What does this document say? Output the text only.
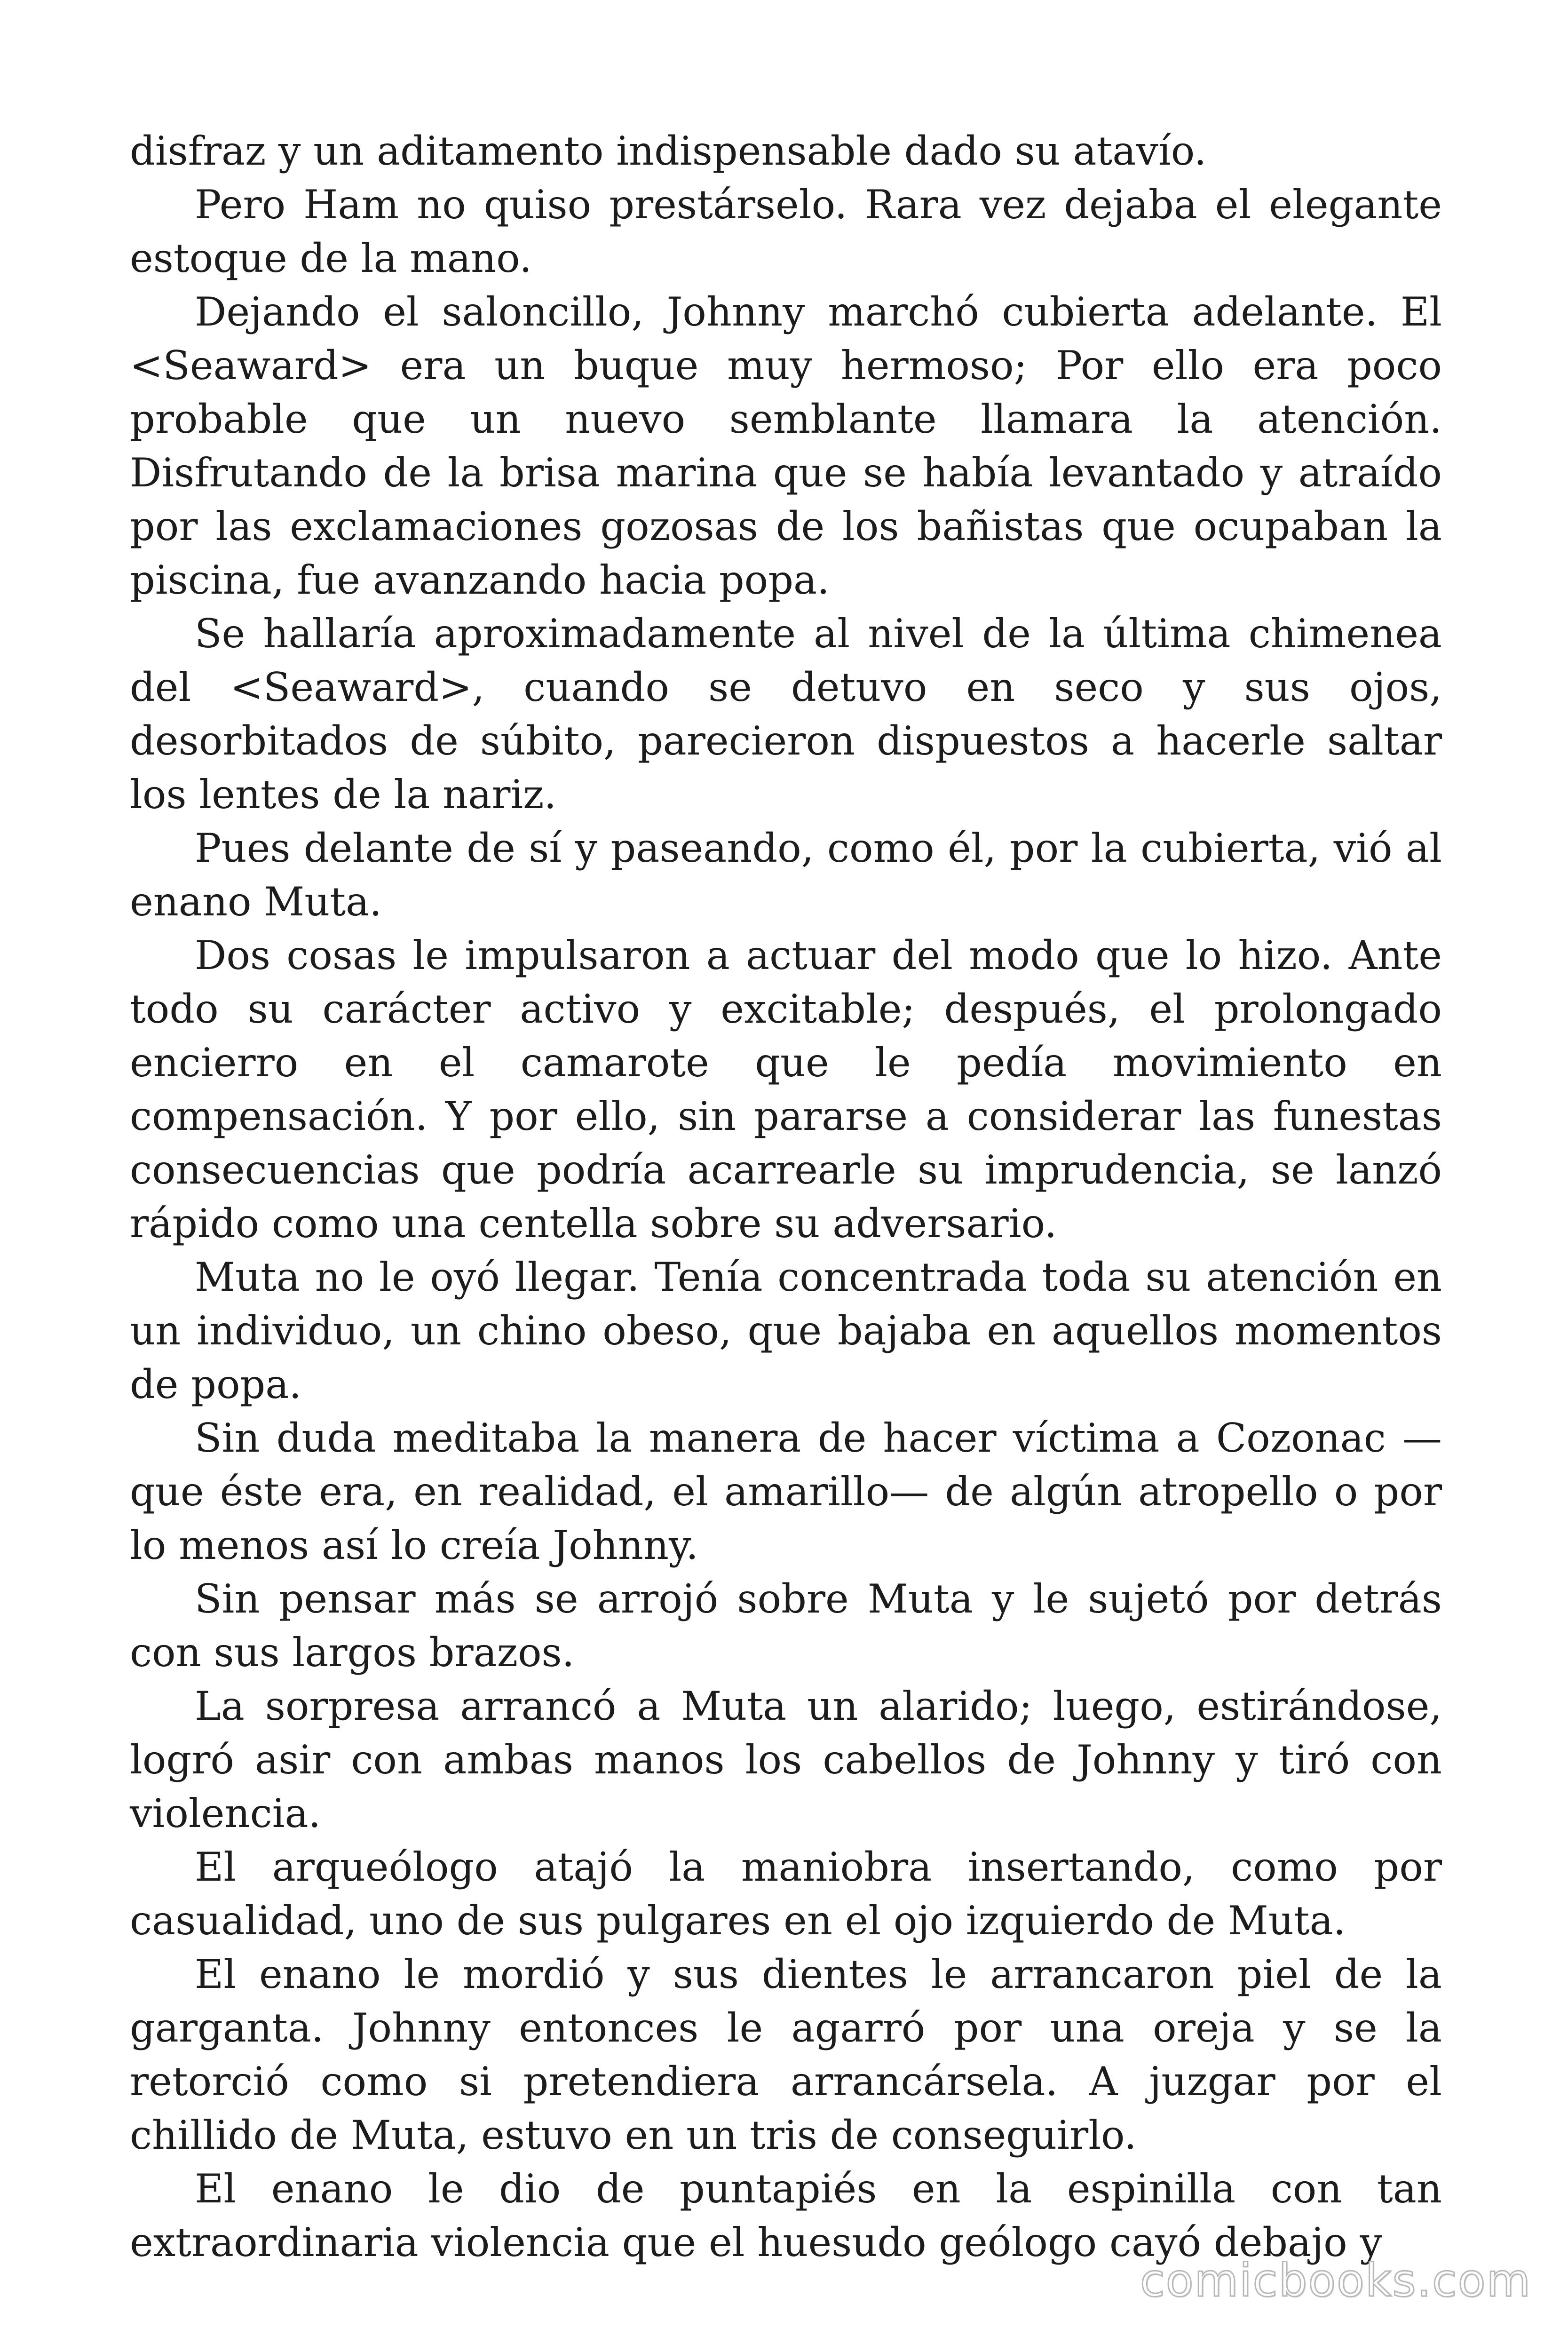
disfraz y un aditamento indispensable dado su atavío.

Pero Ham no quiso prestárselo. Rara vez dejaba el elegante estoque de la mano.

Dejando el saloncillo, Johnny marchó cubierta adelante. El <Seaward> era un buque muy hermoso; Por ello era poco probable que un nuevo semblante llamara la atención. Disfrutando de la brisa marina que se había levantado y atraído por las exclamaciones gozosas de los bañistas que ocupaban la piscina, fue avanzando hacia popa.

Se hallaría aproximadamente al nivel de la última chimenea del <Seaward>, cuando se detuvo en seco y sus ojos, desorbitados de súbito, parecieron dispuestos a hacerle saltar los lentes de la nariz.

Pues delante de sí y paseando, como él, por la cubierta, vió al enano Muta.

Dos cosas le impulsaron a actuar del modo que lo hizo. Ante todo su carácter activo y excitable; después, el prolongado encierro en el camarote que le pedía movimiento en compensación. Y por ello, sin pararse a considerar las funestas consecuencias que podría acarrearle su imprudencia, se lanzó rápido como una centella sobre su adversario.

Muta no le oyó llegar. Tenía concentrada toda su atención en un individuo, un chino obeso, que bajaba en aquellos momentos de popa.

Sin duda meditaba la manera de hacer víctima a Cozonac —que éste era, en realidad, el amarillo— de algún atropello o por lo menos así lo creía Johnny.

Sin pensar más se arrojó sobre Muta y le sujetó por detrás con sus largos brazos.

La sorpresa arrancó a Muta un alarido; luego, estirándose, logró asir con ambas manos los cabellos de Johnny y tiró con violencia.

El arqueólogo atajó la maniobra insertando, como por casualidad, uno de sus pulgares en el ojo izquierdo de Muta.

El enano le mordió y sus dientes le arrancaron piel de la garganta. Johnny entonces le agarró por una oreja y se la retorció como si pretendiera arrancársela. A juzgar por el chillido de Muta, estuvo en un tris de conseguirlo.

El enano le dio de puntapiés en la espinilla con tan extraordinaria violencia que el huesudo geólogo cayó debajo y

comicbooks.com
